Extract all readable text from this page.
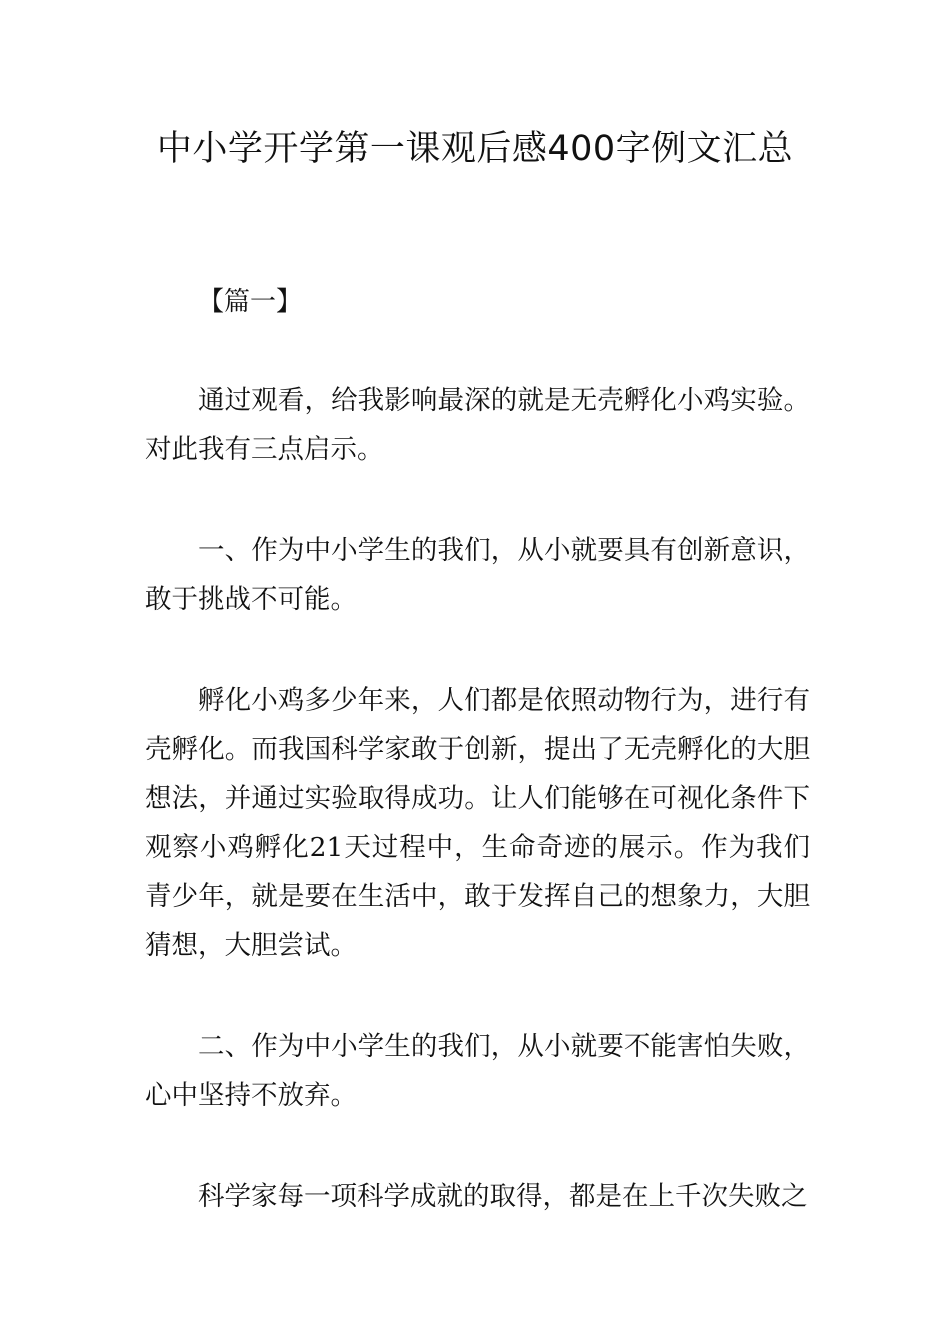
中小学开学第一课观后感400字例文汇总

【篇一】

通过观看，给我影响最深的就是无壳孵化小鸡实验。对此我有三点启示。

一、作为中小学生的我们，从小就要具有创新意识，敢于挑战不可能。

孵化小鸡多少年来，人们都是依照动物行为，进行有壳孵化。而我国科学家敢于创新，提出了无壳孵化的大胆想法，并通过实验取得成功。让人们能够在可视化条件下观察小鸡孵化21天过程中，生命奇迹的展示。作为我们青少年，就是要在生活中，敢于发挥自己的想象力，大胆猜想，大胆尝试。

二、作为中小学生的我们，从小就要不能害怕失败，心中坚持不放弃。

科学家每一项科学成就的取得，都是在上千次失败之
